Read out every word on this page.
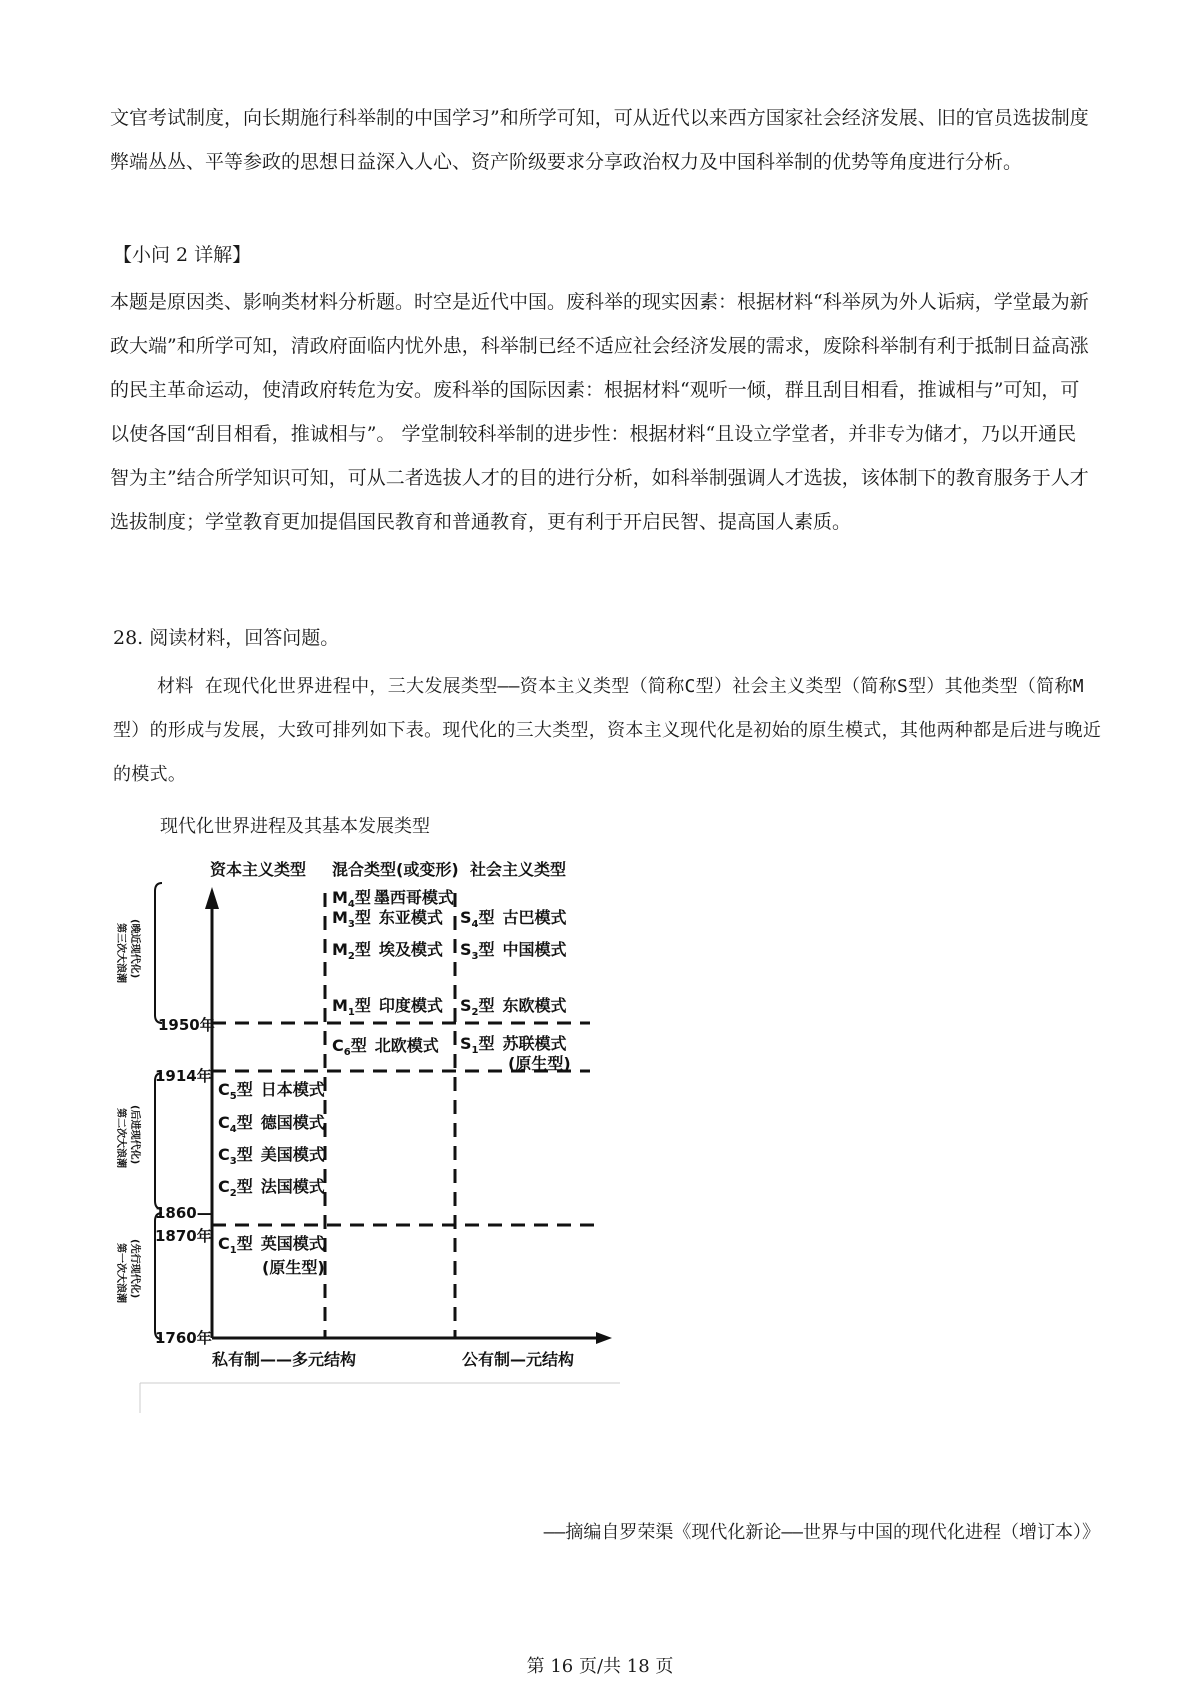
文官考试制度，向长期施行科举制的中国学习”和所学可知，可从近代以来西方国家社会经济发展、旧的官员选拔制度弊端丛丛、平等参政的思想日益深入人心、资产阶级要求分享政治权力及中国科举制的优势等角度进行分析。

【小问 2 详解】

本题是原因类、影响类材料分析题。时空是近代中国。废科举的现实因素：根据材料“科举夙为外人诟病，学堂最为新政大端”和所学可知，清政府面临内忧外患，科举制已经不适应社会经济发展的需求，废除科举制有利于抵制日益高涨的民主革命运动，使清政府转危为安。废科举的国际因素：根据材料“观听一倾，群且刮目相看，推诚相与”可知，可以使各国“刮目相看，推诚相与”。 学堂制较科举制的进步性：根据材料“且设立学堂者，并非专为储才，乃以开通民智为主”结合所学知识可知，可从二者选拔人才的目的进行分析，如科举制强调人才选拔，该体制下的教育服务于人才选拔制度；学堂教育更加提倡国民教育和普通教育，更有利于开启民智、提高国人素质。

28. 阅读材料，回答问题。

材料 在现代化世界进程中，三大发展类型——资本主义类型（简称C型）社会主义类型（简称S型）其他类型（简称M型）的形成与发展，大致可排列如下表。现代化的三大类型，资本主义现代化是初始的原生模式，其他两种都是后进与晚近的模式。

现代化世界进程及其基本发展类型
资本主义类型 混合类型(或变形) 社会主义类型
1950年
1914年
1860—
1870年
1760年
第三次大浪潮 (晚近现代化)
第二次大浪潮 (后进现代化)
第一次大浪潮 (先行现代化)
$C_5$型 日本模式
$C_4$型 德国模式
$C_3$型 美国模式
$C_2$型 法国模式
$C_1$型 英国模式
(原生型)
$M_4$型 墨西哥模式
$M_3$型 东亚模式
$M_2$型 埃及模式
$M_1$型 印度模式
$C_6$型 北欧模式
$S_4$型 古巴模式
$S_3$型 中国模式
$S_2$型 东欧模式
$S_1$型 苏联模式
(原生型)
私有制——多元结构	公有制—元结构
——摘编自罗荣渠《现代化新论——世界与中国的现代化进程（增订本）》
第 16 页/共 18 页
